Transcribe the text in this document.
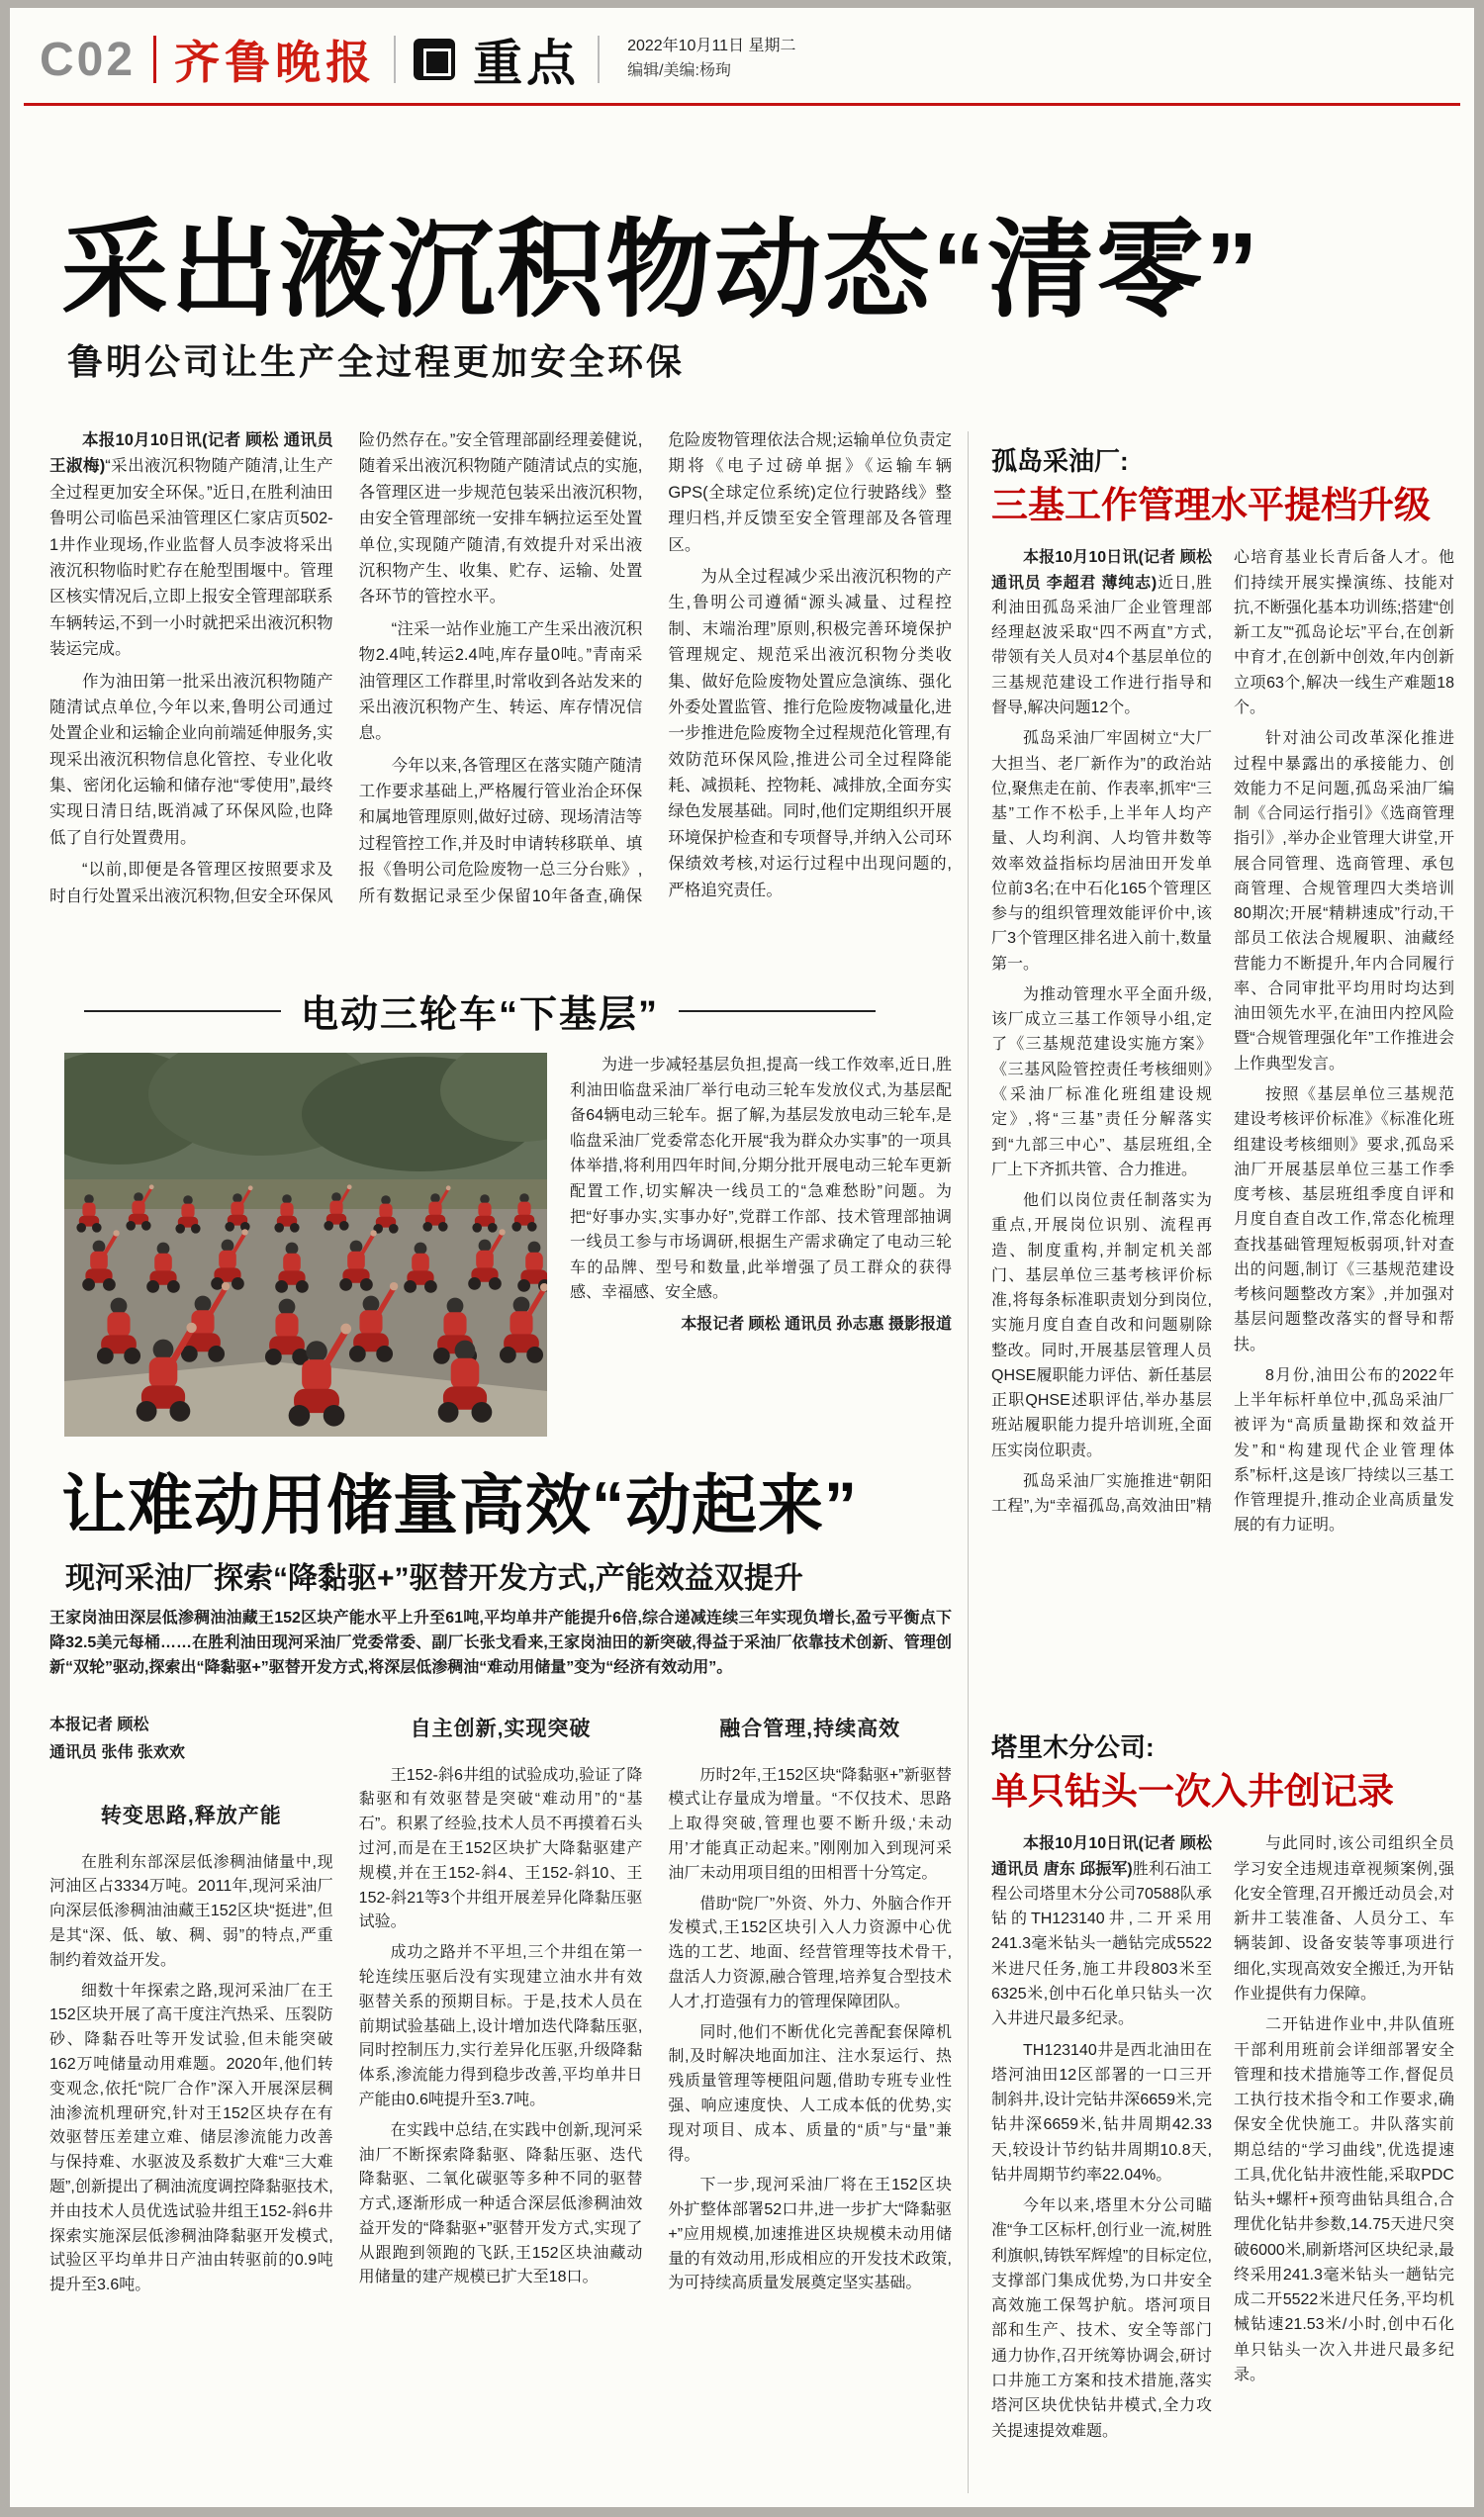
C02 齐鲁晚报 重点	2022年10月11日 星期二
编辑/美编:杨珣
采出液沉积物动态“清零”
鲁明公司让生产全过程更加安全环保

本报10月10日讯(记者 顾松 通讯员 王淑梅)“采出液沉积物随产随清,让生产全过程更加安全环保。”近日,在胜利油田鲁明公司临邑采油管理区仁家店页502-1井作业现场,作业监督人员李波将采出液沉积物临时贮存在舱型围堰中。管理区核实情况后,立即上报安全管理部联系车辆转运,不到一小时就把采出液沉积物装运完成。

作为油田第一批采出液沉积物随产随清试点单位,今年以来,鲁明公司通过处置企业和运输企业向前端延伸服务,实现采出液沉积物信息化管控、专业化收集、密闭化运输和储存池“零使用”,最终实现日清日结,既消减了环保风险,也降低了自行处置费用。

“以前,即便是各管理区按照要求及时自行处置采出液沉积物,但安全环保风险仍然存在。”安全管理部副经理姜健说,随着采出液沉积物随产随清试点的实施,各管理区进一步规范包装采出液沉积物,由安全管理部统一安排车辆拉运至处置单位,实现随产随清,有效提升对采出液沉积物产生、收集、贮存、运输、处置各环节的管控水平。

“注采一站作业施工产生采出液沉积物2.4吨,转运2.4吨,库存量0吨。”青南采油管理区工作群里,时常收到各站发来的采出液沉积物产生、转运、库存情况信息。

今年以来,各管理区在落实随产随清工作要求基础上,严格履行管业治企环保和属地管理原则,做好过磅、现场清洁等过程管控工作,并及时申请转移联单、填报《鲁明公司危险废物一总三分台账》,所有数据记录至少保留10年备查,确保危险废物管理依法合规;运输单位负责定期将《电子过磅单据》《运输车辆GPS(全球定位系统)定位行驶路线》整理归档,并反馈至安全管理部及各管理区。

为从全过程减少采出液沉积物的产生,鲁明公司遵循“源头减量、过程控制、末端治理”原则,积极完善环境保护管理规定、规范采出液沉积物分类收集、做好危险废物处置应急演练、强化外委处置监管、推行危险废物减量化,进一步推进危险废物全过程规范化管理,有效防范环保风险,推进公司全过程降能耗、减损耗、控物耗、减排放,全面夯实绿色发展基础。同时,他们定期组织开展环境保护检查和专项督导,并纳入公司环保绩效考核,对运行过程中出现问题的,严格追究责任。

孤岛采油厂:
三基工作管理水平提档升级

本报10月10日讯(记者 顾松 通讯员 李超君 薄纯志)近日,胜利油田孤岛采油厂企业管理部经理赵波采取“四不两直”方式,带领有关人员对4个基层单位的三基规范建设工作进行指导和督导,解决问题12个。

孤岛采油厂牢固树立“大厂大担当、老厂新作为”的政治站位,聚焦走在前、作表率,抓牢“三基”工作不松手,上半年人均产量、人均利润、人均管井数等效率效益指标均居油田开发单位前3名;在中石化165个管理区参与的组织管理效能评价中,该厂3个管理区排名进入前十,数量第一。

为推动管理水平全面升级,该厂成立三基工作领导小组,定了《三基规范建设实施方案》《三基风险管控责任考核细则》《采油厂标准化班组建设规定》,将“三基”责任分解落实到“九部三中心”、基层班组,全厂上下齐抓共管、合力推进。

他们以岗位责任制落实为重点,开展岗位识别、流程再造、制度重构,并制定机关部门、基层单位三基考核评价标准,将每条标准职责划分到岗位,实施月度自查自改和问题剔除整改。同时,开展基层管理人员QHSE履职能力评估、新任基层正职QHSE述职评估,举办基层班站履职能力提升培训班,全面压实岗位职责。

孤岛采油厂实施推进“朝阳工程”,为“幸福孤岛,高效油田”精心培育基业长青后备人才。他们持续开展实操演练、技能对抗,不断强化基本功训练;搭建“创新工友”“孤岛论坛”平台,在创新中育才,在创新中创效,年内创新立项63个,解决一线生产难题18个。

针对油公司改革深化推进过程中暴露出的承接能力、创效能力不足问题,孤岛采油厂编制《合同运行指引》《选商管理指引》,举办企业管理大讲堂,开展合同管理、选商管理、承包商管理、合规管理四大类培训80期次;开展“精耕速成”行动,干部员工依法合规履职、油藏经营能力不断提升,年内合同履行率、合同审批平均用时均达到油田领先水平,在油田内控风险暨“合规管理强化年”工作推进会上作典型发言。

按照《基层单位三基规范建设考核评价标准》《标准化班组建设考核细则》要求,孤岛采油厂开展基层单位三基工作季度考核、基层班组季度自评和月度自查自改工作,常态化梳理查找基础管理短板弱项,针对查出的问题,制订《三基规范建设考核问题整改方案》,并加强对基层问题整改落实的督导和帮扶。

8月份,油田公布的2022年上半年标杆单位中,孤岛采油厂被评为“高质量勘探和效益开发”和“构建现代企业管理体系”标杆,这是该厂持续以三基工作管理提升,推动企业高质量发展的有力证明。

电动三轮车“下基层”

为进一步减轻基层负担,提高一线工作效率,近日,胜利油田临盘采油厂举行电动三轮车发放仪式,为基层配备64辆电动三轮车。据了解,为基层发放电动三轮车,是临盘采油厂党委常态化开展“我为群众办实事”的一项具体举措,将利用四年时间,分期分批开展电动三轮车更新配置工作,切实解决一线员工的“急难愁盼”问题。为把“好事办实,实事办好”,党群工作部、技术管理部抽调一线员工参与市场调研,根据生产需求确定了电动三轮车的品牌、型号和数量,此举增强了员工群众的获得感、幸福感、安全感。

本报记者 顾松 通讯员 孙志惠 摄影报道

让难动用储量高效“动起来”
现河采油厂探索“降黏驱+”驱替开发方式,产能效益双提升
王家岗油田深层低渗稠油油藏王152区块产能水平上升至61吨,平均单井产能提升6倍,综合递减连续三年实现负增长,盈亏平衡点下降32.5美元每桶……在胜利油田现河采油厂党委常委、副厂长张戈看来,王家岗油田的新突破,得益于采油厂依靠技术创新、管理创新“双轮”驱动,探索出“降黏驱+”驱替开发方式,将深层低渗稠油“难动用储量”变为“经济有效动用”。
本报记者 顾松
通讯员 张伟 张欢欢
转变思路,释放产能

在胜利东部深层低渗稠油储量中,现河油区占3334万吨。2011年,现河采油厂向深层低渗稠油油藏王152区块“挺进”,但是其“深、低、敏、稠、弱”的特点,严重制约着效益开发。

细数十年探索之路,现河采油厂在王152区块开展了高干度注汽热采、压裂防砂、降黏吞吐等开发试验,但未能突破162万吨储量动用难题。2020年,他们转变观念,依托“院厂合作”深入开展深层稠油渗流机理研究,针对王152区块存在有效驱替压差建立难、储层渗流能力改善与保持难、水驱波及系数扩大难“三大难题”,创新提出了稠油流度调控降黏驱技术,并由技术人员优选试验井组王152-斜6井探索实施深层低渗稠油降黏驱开发模式,试验区平均单井日产油由转驱前的0.9吨提升至3.6吨。

自主创新,实现突破

王152-斜6井组的试验成功,验证了降黏驱和有效驱替是突破“难动用”的“基石”。积累了经验,技术人员不再摸着石头过河,而是在王152区块扩大降黏驱建产规模,并在王152-斜4、王152-斜10、王152-斜21等3个井组开展差异化降黏压驱试验。

成功之路并不平坦,三个井组在第一轮连续压驱后没有实现建立油水井有效驱替关系的预期目标。于是,技术人员在前期试验基础上,设计增加迭代降黏压驱,同时控制压力,实行差异化压驱,升级降黏体系,渗流能力得到稳步改善,平均单井日产能由0.6吨提升至3.7吨。

在实践中总结,在实践中创新,现河采油厂不断探索降黏驱、降黏压驱、迭代降黏驱、二氧化碳驱等多种不同的驱替方式,逐渐形成一种适合深层低渗稠油效益开发的“降黏驱+”驱替开发方式,实现了从跟跑到领跑的飞跃,王152区块油藏动用储量的建产规模已扩大至18口。

融合管理,持续高效

历时2年,王152区块“降黏驱+”新驱替模式让存量成为增量。“不仅技术、思路上取得突破,管理也要不断升级,‘未动用’才能真正动起来。”刚刚加入到现河采油厂未动用项目组的田相晋十分笃定。

借助“院厂”外资、外力、外脑合作开发模式,王152区块引入人力资源中心优选的工艺、地面、经营管理等技术骨干,盘活人力资源,融合管理,培养复合型技术人才,打造强有力的管理保障团队。

同时,他们不断优化完善配套保障机制,及时解决地面加注、注水泵运行、热残质量管理等梗阻问题,借助专班专业性强、响应速度快、人工成本低的优势,实现对项目、成本、质量的“质”与“量”兼得。

下一步,现河采油厂将在王152区块外扩整体部署52口井,进一步扩大“降黏驱+”应用规模,加速推进区块规模未动用储量的有效动用,形成相应的开发技术政策,为可持续高质量发展奠定坚实基础。

塔里木分公司:
单只钻头一次入井创记录

本报10月10日讯(记者 顾松 通讯员 唐东 邱振军)胜利石油工程公司塔里木分公司70588队承钻的TH123140井,二开采用241.3毫米钻头一趟钻完成5522米进尺任务,施工井段803米至6325米,创中石化单只钻头一次入井进尺最多纪录。

TH123140井是西北油田在塔河油田12区部署的一口三开制斜井,设计完钻井深6659米,完钻井深6659米,钻井周期42.33天,较设计节约钻井周期10.8天,钻井周期节约率22.04%。

今年以来,塔里木分公司瞄准“争工区标杆,创行业一流,树胜利旗帜,铸铁军辉煌”的目标定位,支撑部门集成优势,为口井安全高效施工保驾护航。塔河项目部和生产、技术、安全等部门通力协作,召开统筹协调会,研讨口井施工方案和技术措施,落实塔河区块优快钻井模式,全力攻关提速提效难题。

与此同时,该公司组织全员学习安全违规违章视频案例,强化安全管理,召开搬迁动员会,对新井工装准备、人员分工、车辆装卸、设备安装等事项进行细化,实现高效安全搬迁,为开钻作业提供有力保障。

二开钻进作业中,井队值班干部利用班前会详细部署安全管理和技术措施等工作,督促员工执行技术指令和工作要求,确保安全优快施工。井队落实前期总结的“学习曲线”,优选提速工具,优化钻井液性能,采取PDC钻头+螺杆+预弯曲钻具组合,合理优化钻井参数,14.75天进尺突破6000米,刷新塔河区块纪录,最终采用241.3毫米钻头一趟钻完成二开5522米进尺任务,平均机械钻速21.53米/小时,创中石化单只钻头一次入井进尺最多纪录。
